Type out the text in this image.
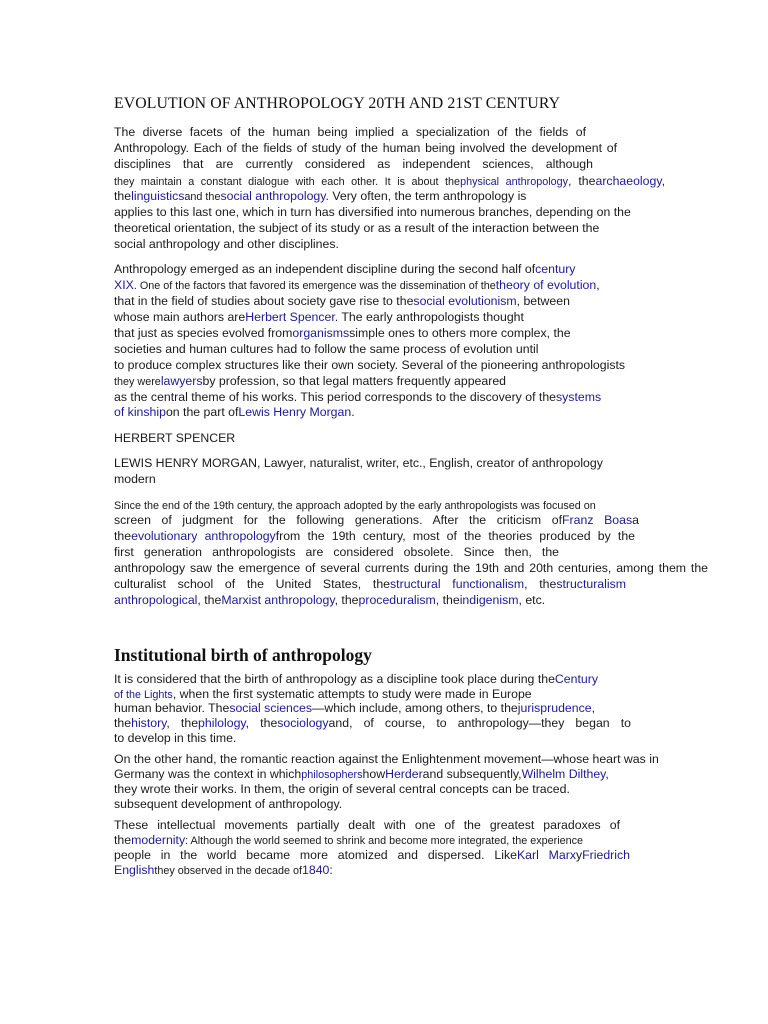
EVOLUTION OF ANTHROPOLOGY 20TH AND 21ST CENTURY
Institutional birth of anthropology
The diverse facets of the human being implied a specialization of the fields of
Anthropology. Each of the fields of study of the human being involved the development of
disciplines that are currently considered as independent sciences, although
they maintain a constant dialogue with each other. It is about thephysical anthropology, thearchaeology,
thelinguisticsand thesocial anthropology. Very often, the term anthropology is
applies to this last one, which in turn has diversified into numerous branches, depending on the
theoretical orientation, the subject of its study or as a result of the interaction between the
social anthropology and other disciplines.
Anthropology emerged as an independent discipline during the second half ofcentury
XIX. One of the factors that favored its emergence was the dissemination of thetheory of evolution,
that in the field of studies about society gave rise to thesocial evolutionism, between
whose main authors areHerbert Spencer. The early anthropologists thought
that just as species evolved fromorganismssimple ones to others more complex, the
societies and human cultures had to follow the same process of evolution until
to produce complex structures like their own society. Several of the pioneering anthropologists
they werelawyersby profession, so that legal matters frequently appeared
as the central theme of his works. This period corresponds to the discovery of thesystems
of kinshipon the part ofLewis Henry Morgan.
HERBERT SPENCER
LEWIS HENRY MORGAN, Lawyer, naturalist, writer, etc., English, creator of anthropology
modern
Since the end of the 19th century, the approach adopted by the early anthropologists was focused on
screen of judgment for the following generations. After the criticism ofFranz Boasa
theevolutionary anthropologyfrom the 19th century, most of the theories produced by the
first generation anthropologists are considered obsolete. Since then, the
anthropology saw the emergence of several currents during the 19th and 20th centuries, among them the
culturalist school of the United States, thestructural functionalism, thestructuralism
anthropological, theMarxist anthropology, theproceduralism, theindigenism, etc.
It is considered that the birth of anthropology as a discipline took place during theCentury
of the Lights, when the first systematic attempts to study were made in Europe
human behavior. Thesocial sciences—which include, among others, to thejurisprudence,
thehistory, thephilology, thesociologyand, of course, to anthropology—they began to
to develop in this time.
On the other hand, the romantic reaction against the Enlightenment movement—whose heart was in
Germany was the context in whichphilosophershowHerderand subsequently,Wilhelm Dilthey,
they wrote their works. In them, the origin of several central concepts can be traced.
subsequent development of anthropology.
These intellectual movements partially dealt with one of the greatest paradoxes of
themodernity: Although the world seemed to shrink and become more integrated, the experience
people in the world became more atomized and dispersed. LikeKarl MarxyFriedrich
Englishthey observed in the decade of1840:
